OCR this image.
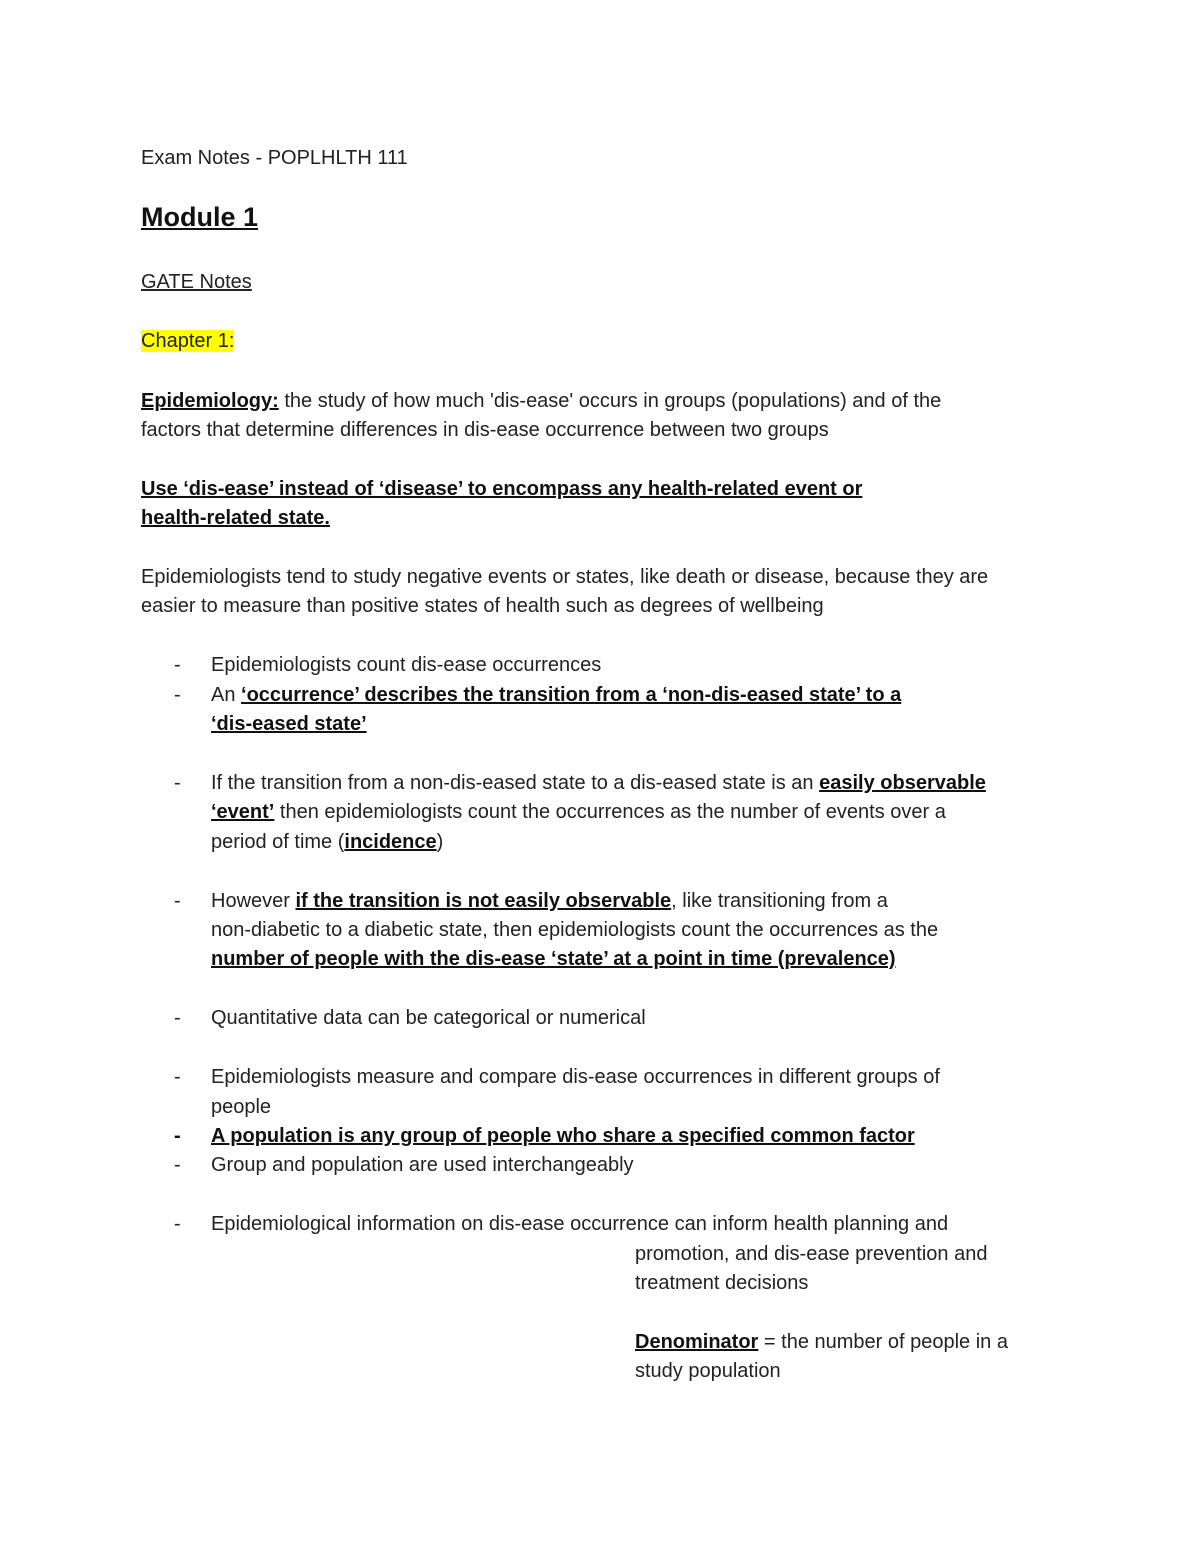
Exam Notes - POPLHLTH 111
Module 1
GATE Notes
Chapter 1:
Epidemiology: the study of how much 'dis-ease' occurs in groups (populations) and of the
factors that determine differences in dis-ease occurrence between two groups
Use ‘dis-ease’ instead of ‘disease’ to encompass any health-related event or
health-related state.
Epidemiologists tend to study negative events or states, like death or disease, because they are
easier to measure than positive states of health such as degrees of wellbeing
- Epidemiologists count dis-ease occurrences
- An ‘occurrence’ describes the transition from a ‘non-dis-eased state’ to a
‘dis-eased state’
- If the transition from a non-dis-eased state to a dis-eased state is an easily observable
‘event’ then epidemiologists count the occurrences as the number of events over a
period of time (incidence)
- However if the transition is not easily observable, like transitioning from a
non-diabetic to a diabetic state, then epidemiologists count the occurrences as the
number of people with the dis-ease ‘state’ at a point in time (prevalence)
- Quantitative data can be categorical or numerical
- Epidemiologists measure and compare dis-ease occurrences in different groups of
people
- A population is any group of people who share a specified common factor
- Group and population are used interchangeably
- Epidemiological information on dis-ease occurrence can inform health planning and
promotion, and dis-ease prevention and
treatment decisions
Denominator = the number of people in a
study population
